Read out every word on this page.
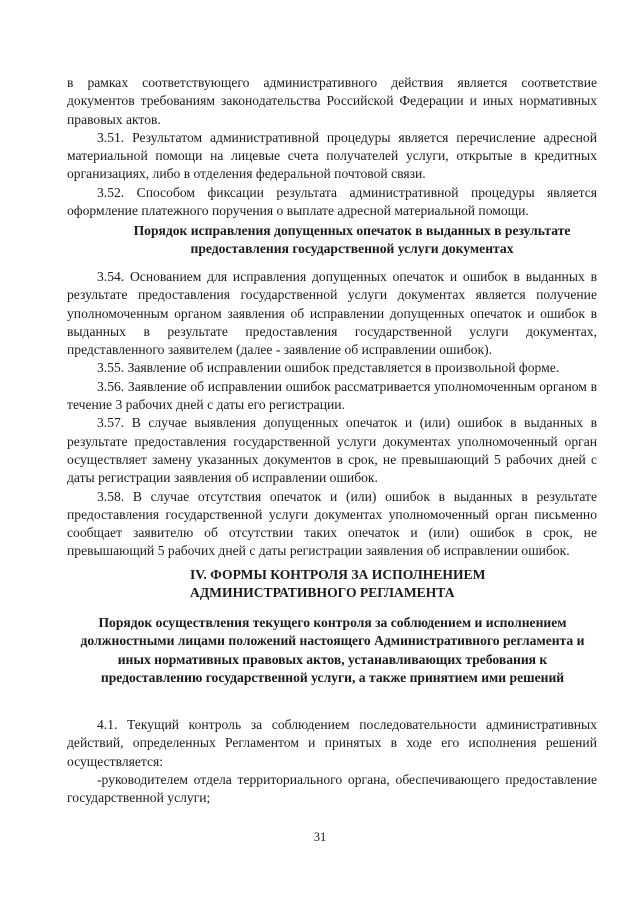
в рамках соответствующего административного действия является соответствие документов требованиям законодательства Российской Федерации и иных нормативных правовых актов.

3.51. Результатом административной процедуры является перечисление адресной материальной помощи на лицевые счета получателей услуги, открытые в кредитных организациях, либо в отделения федеральной почтовой связи.

3.52. Способом фиксации результата административной процедуры является оформление платежного поручения о выплате адресной материальной помощи.

Порядок исправления допущенных опечаток в выданных в результате предоставления государственной услуги документах

3.54. Основанием для исправления допущенных опечаток и ошибок в выданных в результате предоставления государственной услуги документах является получение уполномоченным органом заявления об исправлении допущенных опечаток и ошибок в выданных в результате предоставления государственной услуги документах, представленного заявителем (далее - заявление об исправлении ошибок).

3.55. Заявление об исправлении ошибок представляется в произвольной форме.

3.56. Заявление об исправлении ошибок рассматривается уполномоченным органом в течение 3 рабочих дней с даты его регистрации.

3.57. В случае выявления допущенных опечаток и (или) ошибок в выданных в результате предоставления государственной услуги документах уполномоченный орган осуществляет замену указанных документов в срок, не превышающий 5 рабочих дней с даты регистрации заявления об исправлении ошибок.

3.58. В случае отсутствия опечаток и (или) ошибок в выданных в результате предоставления государственной услуги документах уполномоченный орган письменно сообщает заявителю об отсутствии таких опечаток и (или) ошибок в срок, не превышающий 5 рабочих дней с даты регистрации заявления об исправлении ошибок.

IV. ФОРМЫ КОНТРОЛЯ ЗА ИСПОЛНЕНИЕМ АДМИНИСТРАТИВНОГО РЕГЛАМЕНТА

Порядок осуществления текущего контроля за соблюдением и исполнением должностными лицами положений настоящего Административного регламента и иных нормативных правовых актов, устанавливающих требования к предоставлению государственной услуги, а также принятием ими решений

4.1. Текущий контроль за соблюдением последовательности административных действий, определенных Регламентом и принятых в ходе его исполнения решений осуществляется:

-руководителем отдела территориального органа, обеспечивающего предоставление государственной услуги;

31
